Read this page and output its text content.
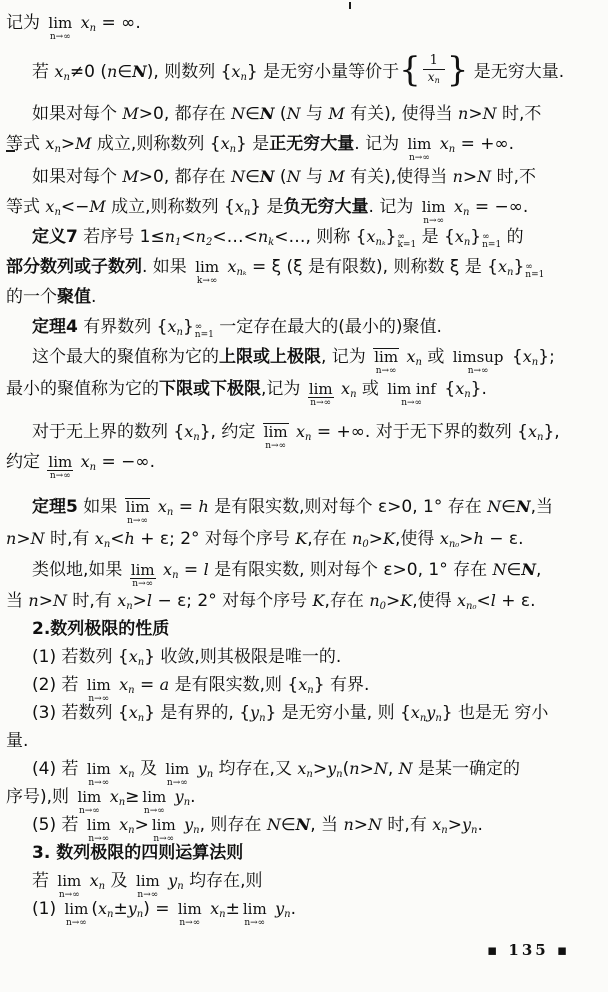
记为 lim
n→∞
$x_n$ = ∞.
若 $x_n\ne 0$ (n∈N), 则数列 $\{x_n\}$ 是无穷小量等价于{ $\frac{1}{x_n}$ } 是无穷大量.
如果对每个 M>0, 都存在 N∈N (N 与 M 有关), 使得当 n>N 时,不
等式 $x_n>M$ 成立,则称数列 $\{x_n\}$ 是正无穷大量. 记为 lim
n→∞
$x_n$ = +∞.
如果对每个 M>0, 都存在 N∈N (N 与 M 有关),使得当 n>N 时,不
等式 $x_n<-M$ 成立,则称数列 $\{x_n\}$ 是负无穷大量. 记为 lim
n→∞
$x_n$ = −∞.
定义7 若序号 $1\le n_1<n_2<\dots<n_k<\dots$, 则称 $\{x_{n_k}\}$ ∞
k=1 是 $\{x_n\}$ ∞
n=1 的
部分数列或子数列. 如果 lim
k→∞
$x_{n_k} = \xi$ (ξ 是有限数), 则称数 ξ 是 $\{x_n\}$ ∞
n=1
的一个聚值.
定理4 有界数列 $\{x_n\}$ ∞
n=1 一定存在最大的(最小的)聚值.
这个最大的聚值称为它的上限或上极限, 记为 lim
n→∞
$x_n$ 或 limsup
n→∞
$\{x_n\}$;
最小的聚值称为它的下限或下极限,记为 lim
n→∞
$x_n$ 或 lim inf
n→∞
$\{x_n\}$.
对于无上界的数列 $\{x_n\}$, 约定 lim
n→∞
$x_n$ = +∞. 对于无下界的数列 $\{x_n\}$,
约定 lim
n→∞
$x_n$ = −∞.
定理5 如果 lim
n→∞
$x_n = h$ 是有限实数,则对每个 ε>0, 1° 存在 N∈N,当
n>N 时,有 $x_n<h + \varepsilon$; 2° 对每个序号 K,存在 $n_0>K$,使得 $x_{n_0}>h - \varepsilon$.
类似地,如果 lim
n→∞
$x_n = l$ 是有限实数, 则对每个 ε>0, 1° 存在 N∈N,
当 n>N 时,有 $x_n>l - \varepsilon$; 2° 对每个序号 K,存在 $n_0>K$,使得 $x_{n_0}<l + \varepsilon$.
2.数列极限的性质
(1) 若数列 $\{x_n\}$ 收敛,则其极限是唯一的.
(2) 若 lim
n→∞
$x_n = a$ 是有限实数,则 $\{x_n\}$ 有界.
(3) 若数列 $\{x_n\}$ 是有界的, $\{y_n\}$ 是无穷小量, 则 $\{x_ny_n\}$ 也是无 穷小
量.
(4) 若 lim
n→∞
$x_n$ 及 lim
n→∞
$y_n$ 均存在,又 $x_n>y_n(n>N$, N 是某一确定的
序号),则 lim
n→∞
$x_n\ge \lim$
n→∞
$y_n$.
(5) 若 lim
n→∞
$x_n> \lim$
n→∞
$y_n$, 则存在 N∈N, 当 n>N 时,有 $x_n>y_n$.
3. 数列极限的四则运算法则
若 lim
n→∞
$x_n$ 及 lim
n→∞
$y_n$ 均存在,则
(1) lim
n→∞
$(x_n\pm y_n) = \lim$
n→∞
$x_n\pm \lim$
n→∞
$y_n$.
▪ 135 ▪
